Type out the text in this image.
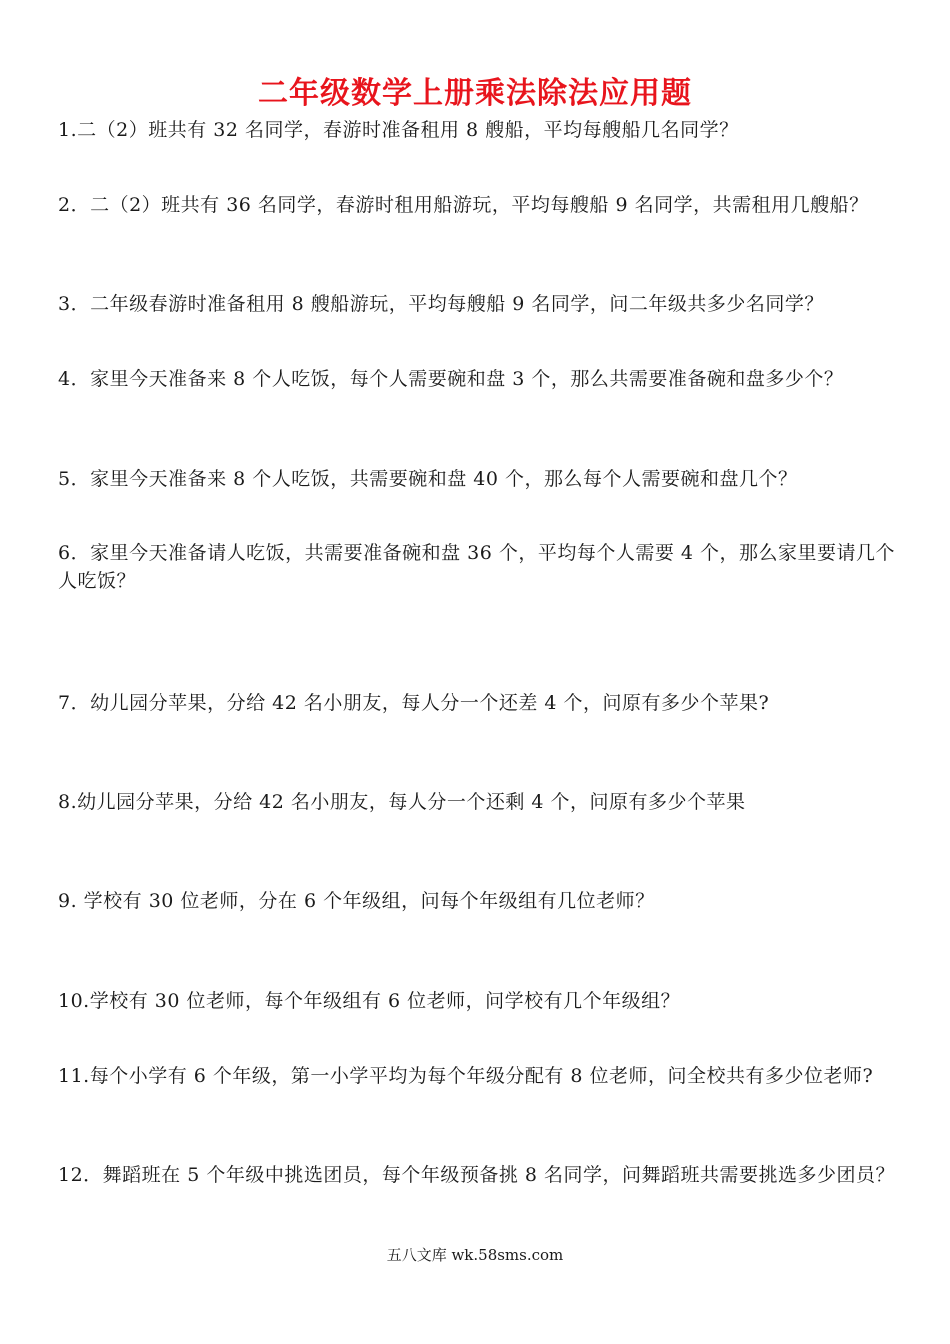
二年级数学上册乘法除法应用题
1.二（2）班共有 32 名同学，春游时准备租用 8 艘船，平均每艘船几名同学？
2．二（2）班共有 36 名同学，春游时租用船游玩，平均每艘船 9 名同学，共需租用几艘船？
3．二年级春游时准备租用 8 艘船游玩，平均每艘船 9 名同学，问二年级共多少名同学？
4．家里今天准备来 8 个人吃饭，每个人需要碗和盘 3 个，那么共需要准备碗和盘多少个？
5．家里今天准备来 8 个人吃饭，共需要碗和盘 40 个，那么每个人需要碗和盘几个？
6．家里今天准备请人吃饭，共需要准备碗和盘 36 个，平均每个人需要 4 个，那么家里要请几个人吃饭？
7．幼儿园分苹果，分给 42 名小朋友，每人分一个还差 4 个，问原有多少个苹果?
8.幼儿园分苹果，分给 42 名小朋友，每人分一个还剩 4 个，问原有多少个苹果
9. 学校有 30 位老师，分在 6 个年级组，问每个年级组有几位老师？
10.学校有 30 位老师，每个年级组有 6 位老师，问学校有几个年级组？
11.每个小学有 6 个年级，第一小学平均为每个年级分配有 8 位老师，问全校共有多少位老师?
12．舞蹈班在 5 个年级中挑选团员，每个年级预备挑 8 名同学，问舞蹈班共需要挑选多少团员？
五八文库 wk.58sms.com
